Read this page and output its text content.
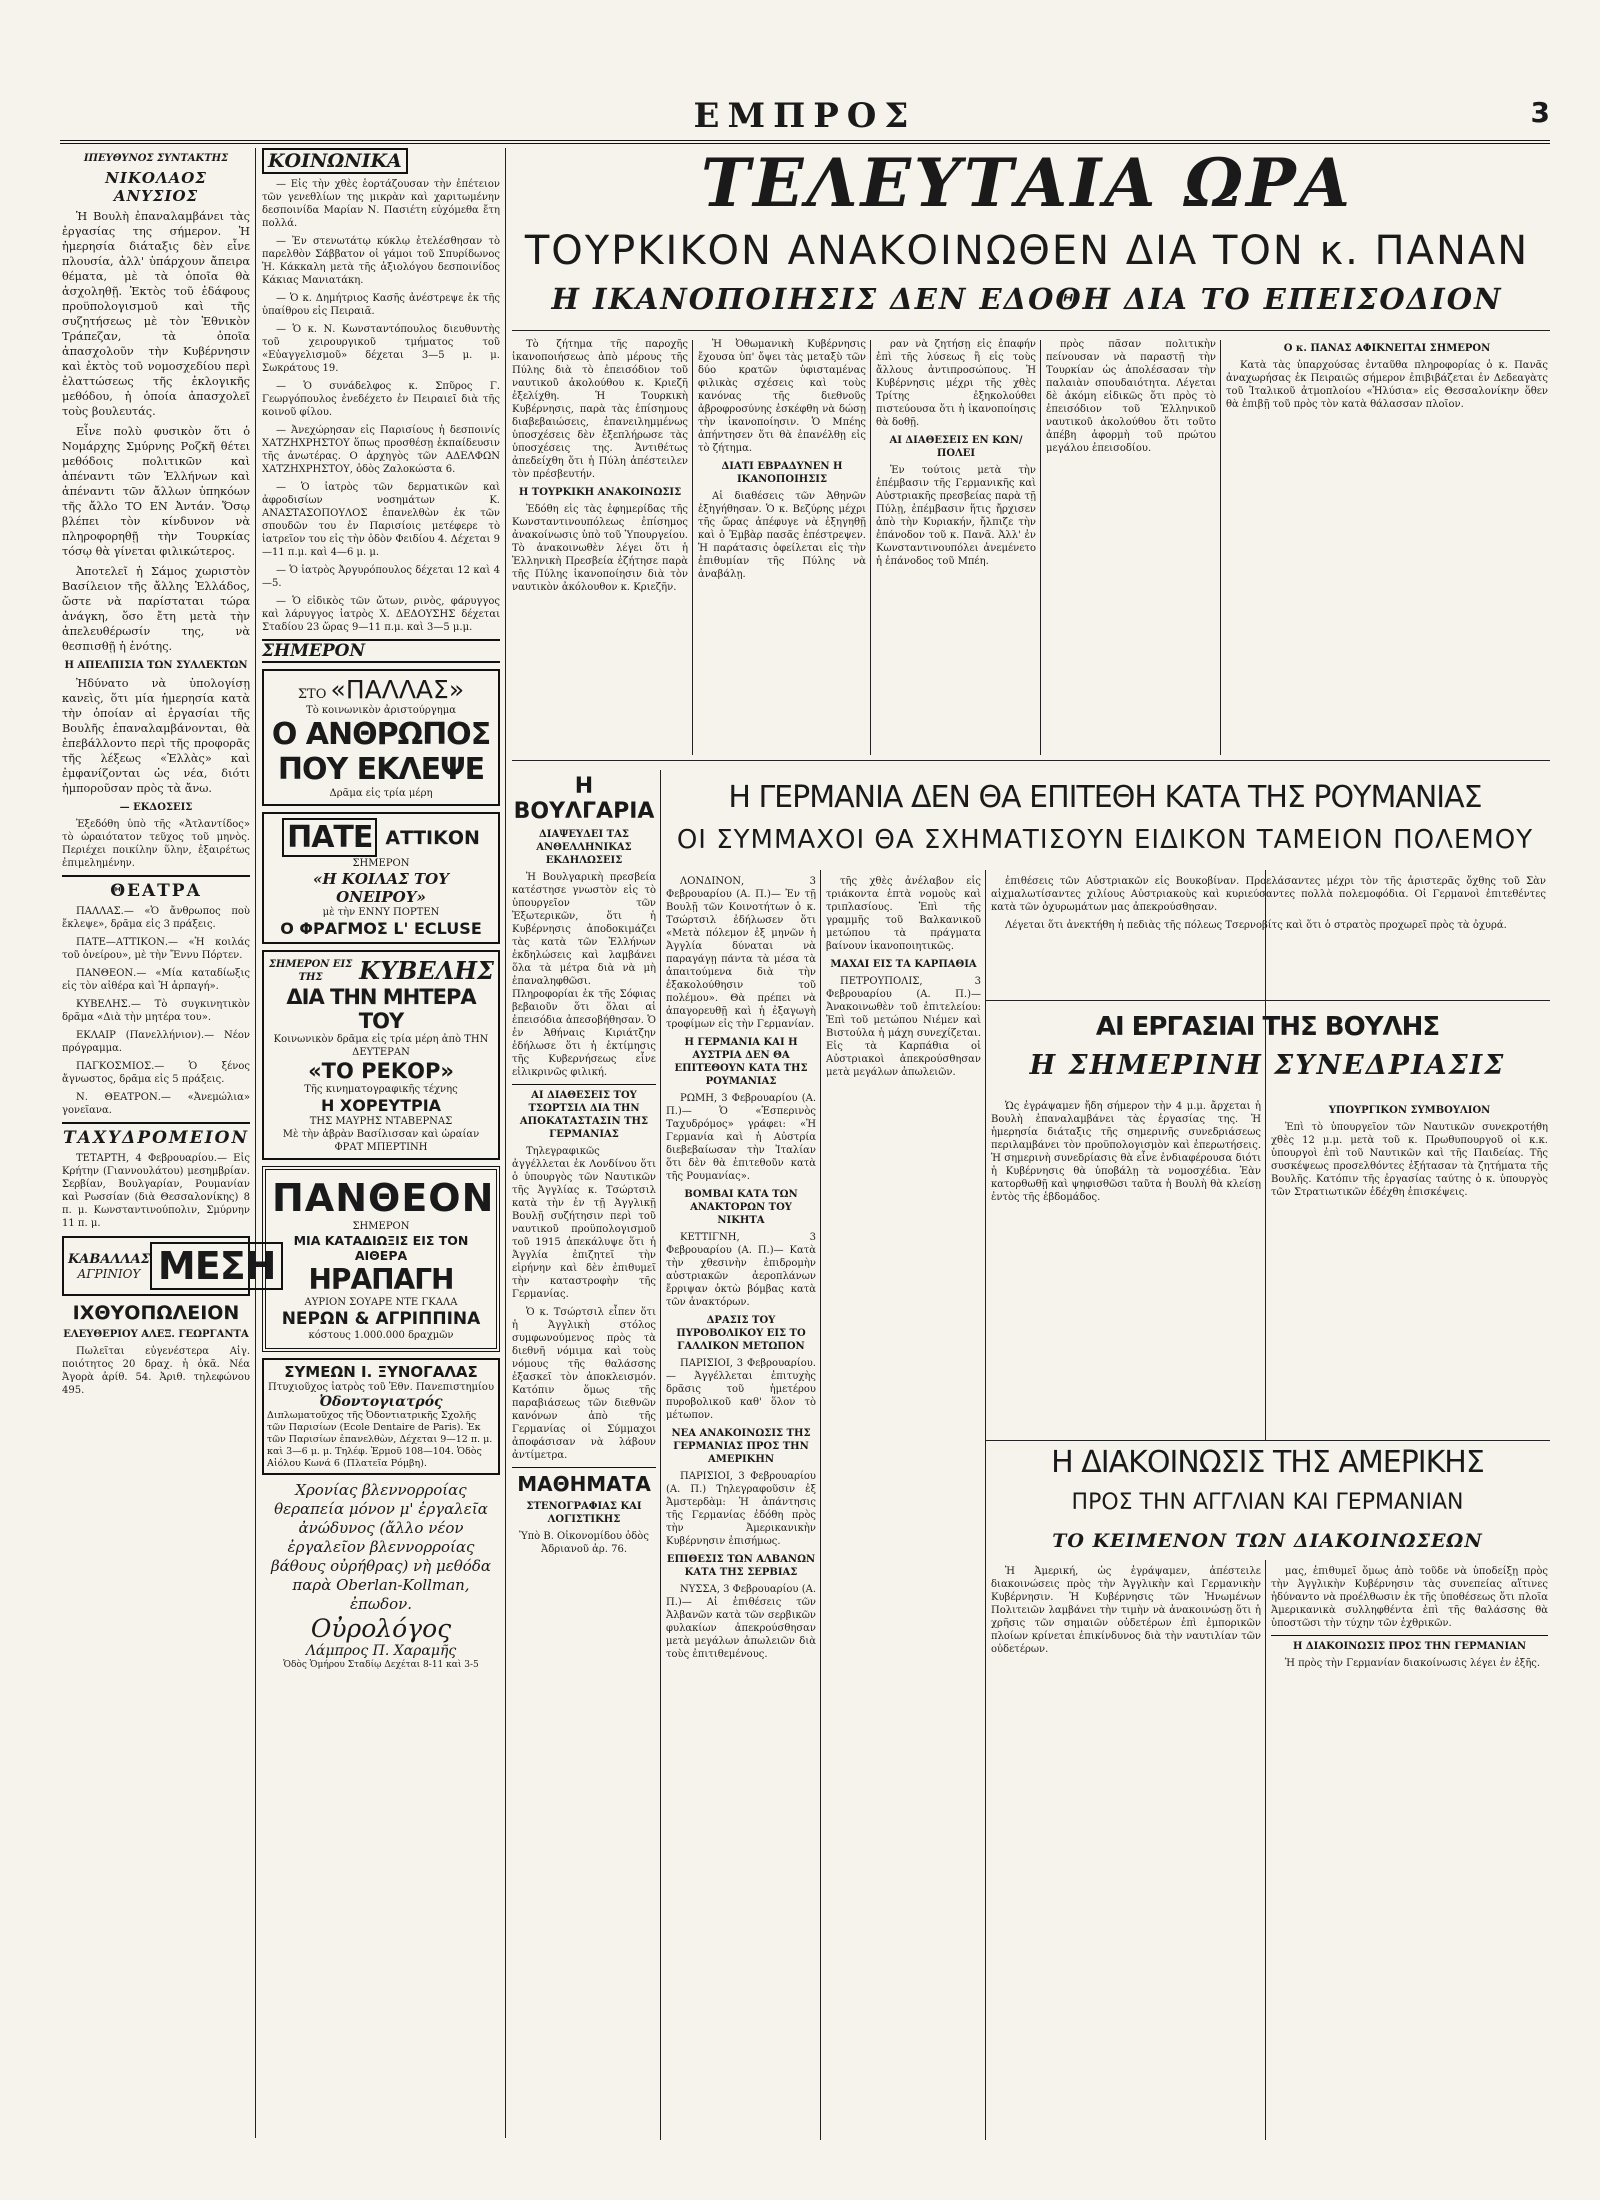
ΕΜΠΡΟΣ	3
ΙΠΕΥΘΥΝΟΣ ΣΥΝΤΑΚΤΗΣ
ΝΙΚΟΛΑΟΣ ΑΝΥΣΙΟΣ

Ἡ Βουλὴ ἐπαναλαμβάνει τὰς ἐργασίας της σήμερον. Ἡ ἡμερησία διάταξις δὲν εἶνε πλουσία, ἀλλ' ὑπάρχουν ἄπειρα θέματα, μὲ τὰ ὁποῖα θὰ ἀσχοληθῇ. Ἐκτὸς τοῦ ἐδάφους προϋπολογισμοῦ καὶ τῆς συζητήσεως μὲ τὸν Ἐθνικὸν Τράπεζαν, τὰ ὁποῖα ἀπασχολοῦν τὴν Κυβέρνησιν καὶ ἐκτὸς τοῦ νομοσχεδίου περὶ ἐλαττώσεως τῆς ἐκλογικῆς μεθόδου, ἡ ὁποία ἀπασχολεῖ τοὺς βουλευτάς.

Εἶνε πολὺ φυσικὸν ὅτι ὁ Νομάρχης Σμύρνης Ροζκῆ θέτει μεθόδοις πολιτικῶν καὶ ἀπέναντι τῶν Ἑλλήνων καὶ ἀπέναντι τῶν ἄλλων ὑπηκόων τῆς ἄλλο ΤΟ ΕΝ Ἀντάν. Ὅσῳ βλέπει τὸν κίνδυνον νὰ πληροφορηθῇ τὴν Τουρκίας τόσῳ θὰ γίνεται φιλικώτερος.

Ἀποτελεῖ ἡ Σάμος χωριστὸν Βασίλειον τῆς ἄλλης Ἑλλάδος, ὥστε νὰ παρίσταται τώρα ἀνάγκη, ὅσο ἔτη μετὰ τὴν ἀπελευθέρωσίν της, νὰ θεσπισθῇ ἡ ἑνότης.

Η ΑΠΕΛΠΙΣΙΑ ΤΩΝ ΣΥΛΛΕΚΤΩΝ

Ἠδύνατο νὰ ὑπολογίσῃ κανεὶς, ὅτι μία ἡμερησία κατὰ τὴν ὁποίαν αἱ ἐργασίαι τῆς Βουλῆς ἐπαναλαμβάνονται, θὰ ἐπεβάλλοντο περὶ τῆς προφορᾶς τῆς λέξεως «Ἑλλὰς» καὶ ἐμφανίζονται ὡς νέα, διότι ἠμποροῦσαν πρὸς τὰ ἄνω.

— ΕΚΔΟΣΕΙΣ

Ἐξεδόθη ὑπὸ τῆς «Ἀτλαντίδος» τὸ ὡραιότατον τεῦχος τοῦ μηνὸς. Περιέχει ποικίλην ὕλην, ἐξαιρέτως ἐπιμελημένην.

ΘΕΑΤΡΑ

ΠΑΛΛΑΣ.— «Ὁ ἄνθρωπος ποὺ ἔκλεψε», δρᾶμα εἰς 3 πράξεις.

ΠΑΤΕ—ΑΤΤΙΚΟΝ.— «Ἡ κοιλάς τοῦ ὀνείρου», μὲ τὴν Ἔννυ Πόρτεν.

ΠΑΝΘΕΟΝ.— «Μία καταδίωξις εἰς τὸν αἰθέρα καὶ Ἡ ἁρπαγή».

ΚΥΒΕΛΗΣ.— Τὸ συγκινητικὸν δρᾶμα «Διὰ τὴν μητέρα του».

ΕΚΛΑΙΡ (Πανελλήνιον).— Νέον πρόγραμμα.

ΠΑΓΚΟΣΜΙΟΣ.— Ὁ ξένος ἄγνωστος, δρᾶμα εἰς 5 πράξεις.

Ν. ΘΕΑΤΡΟΝ.— «Ἀνεμώλια» γονεῖανα.

ΤΑΧΥΔΡΟΜΕΙΟΝ

ΤΕΤΑΡΤΗ, 4 Φεβρουαρίου.— Εἰς Κρήτην (Γιαννουλάτου) μεσημβρίαν. Σερβίαν, Βουλγαρίαν, Ρουμανίαν καὶ Ρωσσίαν (διὰ Θεσσαλονίκης) 8 π. μ. Κωνσταντινούπολιν, Σμύρνην 11 π. μ.

ΚΑΒΑΛΛΑΣ
ΑΓΡΙΝΙΟΥ ΜΕΣΗ
ΙΧΘΥΟΠΩΛΕΙΟΝ
ΕΛΕΥΘΕΡΙΟΥ ΑΛΕΞ. ΓΕΩΡΓΑΝΤΑ

Πωλεῖται εὐγενέστερα Αἰγ. ποιότητος 20 δραχ. ἡ ὀκᾶ. Νέα Ἀγορὰ ἀρίθ. 54. Ἀριθ. τηλεφώνου 495.

ΚΟΙΝΩΝΙΚΑ

— Εἰς τὴν χθὲς ἑορτάζουσαν τὴν ἐπέτειον τῶν γενεθλίων της μικρὰν καὶ χαριτωμένην δεσποινίδα Μαρίαν Ν. Πασιέτη εὐχόμεθα ἔτη πολλά.

— Ἐν στενωτάτῳ κύκλῳ ἐτελέσθησαν τὸ παρελθὸν Σάββατον οἱ γάμοι τοῦ Σπυρίδωνος Ἡ. Κάκκαλη μετὰ τῆς ἀξιολόγου δεσποινίδος Κάκιας Μανιατάκη.

— Ὁ κ. Δημήτριος Κασῆς ἀνέστρεψε ἐκ τῆς ὑπαίθρου εἰς Πειραιᾶ.

— Ὁ κ. Ν. Κωνσταντόπουλος διευθυντὴς τοῦ χειρουργικοῦ τμήματος τοῦ «Εὐαγγελισμοῦ» δέχεται 3—5 μ. μ. Σωκράτους 19.

— Ὁ συνάδελφος κ. Σπῦρος Γ. Γεωργόπουλος ἐνεδέχετο ἐν Πειραιεῖ διὰ τῆς κοινοῦ φίλου.

— Ἀνεχώρησαν εἰς Παρισίους ἡ δεσποινίς ΧΑΤΖΗΧΡΗΣΤΟΥ ὅπως προσθέσῃ ἐκπαίδευσιν τῆς ἀνωτέρας. Ο ἀρχηγὸς τῶν ΑΔΕΛΦΩΝ ΧΑΤΖΗΧΡΗΣΤΟΥ, ὁδὸς Ζαλοκώστα 6.

— Ὁ ἰατρὸς τῶν δερματικῶν καὶ ἀφροδισίων νοσημάτων Κ. ΑΝΑΣΤΑΣΟΠΟΥΛΟΣ ἐπανελθὼν ἐκ τῶν σπουδῶν του ἐν Παρισίοις μετέφερε τὸ ἰατρεῖον του εἰς τὴν ὁδὸν Φειδίου 4. Δέχεται 9—11 π.μ. καὶ 4—6 μ. μ.

— Ὁ ἰατρὸς Ἀργυρόπουλος δέχεται 12 καὶ 4—5.

— Ὁ εἰδικὸς τῶν ὤτων, ρινὸς, φάρυγγος καὶ λάρυγγος ἰατρὸς Χ. ΔΕΔΟΥΣΗΣ δέχεται Σταδίου 23 ὥρας 9—11 π.μ. καὶ 3—5 μ.μ.

ΣΗΜΕΡΟΝ
ΣΤΟ «ΠΑΛΛΑΣ»
Τὸ κοινωνικὸν ἀριστούργημα
Ο ΑΝΘΡΩΠΟΣ
ΠΟΥ ΕΚΛΕΨΕ
Δρᾶμα εἰς τρία μέρη
ΠΑΤΕ ΑΤΤΙΚΟΝ
ΣΗΜΕΡΟΝ
«Η ΚΟΙΛΑΣ ΤΟΥ ΟΝΕΙΡΟΥ»
μὲ τὴν ΕΝΝΥ ΠΟΡΤΕΝ
Ο ΦΡΑΓΜΟΣ L' ECLUSE
ΣΗΜΕΡΟΝ ΕΙΣ ΤΗΣ	ΚΥΒΕΛΗΣ
ΔΙΑ ΤΗΝ ΜΗΤΕΡΑ ΤΟΥ
Κοινωνικὸν δρᾶμα εἰς τρία μέρη ἀπὸ ΤΗΝ ΔΕΥΤΕΡΑΝ
«ΤΟ ΡΕΚΟΡ»
Τῆς κινηματογραφικῆς τέχνης
Η ΧΟΡΕΥΤΡΙΑ
ΤΗΣ ΜΑΥΡΗΣ ΝΤΑΒΕΡΝΑΣ
Μὲ τὴν ἀβρὰν Βασίλισσαν καὶ ὡραίαν ΦΡΑΤ ΜΠΕΡΤΙΝΗ
ΠΑΝΘΕΟΝ
ΣΗΜΕΡΟΝ
ΜΙΑ ΚΑΤΑΔΙΩΞΙΣ ΕΙΣ ΤΟΝ ΑΙΘΕΡΑ
ΗΡΑΠΑΓΗ
ΑΥΡΙΟΝ ΣΟΥΑΡΕ ΝΤΕ ΓΚΑΛΑ
ΝΕΡΩΝ & ΑΓΡΙΠΠΙΝΑ
κόστους 1.000.000 δραχμῶν
ΣΥΜΕΩΝ Ι. ΞΥΝΟΓΑΛΑΣ
Πτυχιοῦχος ἰατρὸς τοῦ Ἐθν. Πανεπιστημίου
Ὀδοντογιατρός
Διπλωματοῦχος τῆς Ὀδοντιατρικῆς Σχολῆς τῶν Παρισίων (Ecole Dentaire de Paris). Ἐκ τῶν Παρισίων ἐπανελθὼν, Δέχεται 9—12 π. μ. καὶ 3—6 μ. μ. Τηλέφ. Ἑρμοῦ 108—104. Ὁδὸς Αἰόλου Κωνά 6 (Πλατεῖα Ρόμβη).
Χρονίας βλεννορροίας θεραπεία μόνον μ' ἐργαλεῖα ἀνώδυνος (ἄλλο νέον ἐργαλεῖον βλεννορροίας βάθους οὐρήθρας) νὴ μεθόδα παρὰ Oberlan-Kollman, ἐπωδον.
Οὐρολόγος
Λάμπρος Π. Χαραμῆς
Ὁδὸς Ὁμήρου Σταδίῳ Δεχέται 8-11 καὶ 3-5
ΤΕΛΕΥΤΑΙΑ ΩΡΑ
ΤΟΥΡΚΙΚΟΝ ΑΝΑΚΟΙΝΩΘΕΝ ΔΙΑ ΤΟΝ κ. ΠΑΝΑΝ
Η ΙΚΑΝΟΠΟΙΗΣΙΣ ΔΕΝ ΕΔΟΘΗ ΔΙΑ ΤΟ ΕΠΕΙΣΟΔΙΟΝ

Τὸ ζήτημα τῆς παροχῆς ἱκανοποιήσεως ἀπὸ μέρους τῆς Πύλης διὰ τὸ ἐπεισόδιον τοῦ ναυτικοῦ ἀκολούθου κ. Κριεζῆ ἐξελίχθη. Ἡ Τουρκικὴ Κυβέρνησις, παρὰ τὰς ἐπίσημους διαβεβαιώσεις, ἐπανειλημμένως ὑποσχέσεις δὲν ἐξεπλήρωσε τὰς ὑποσχέσεις της. Ἀντιθέτως ἀπεδείχθη ὅτι ἡ Πύλη ἀπέστειλεν τὸν πρέσβευτήν.

Η ΤΟΥΡΚΙΚΗ ΑΝΑΚΟΙΝΩΣΙΣ

Ἐδόθη εἰς τὰς ἐφημερίδας τῆς Κωνσταντινουπόλεως ἐπίσημος ἀνακοίνωσις ὑπὸ τοῦ Ὑπουργείου. Τὸ ἀνακοινωθὲν λέγει ὅτι ἡ Ἑλληνικὴ Πρεσβεία ἐζήτησε παρὰ τῆς Πύλης ἱκανοποίησιν διὰ τὸν ναυτικὸν ἀκόλουθον κ. Κριεζῆν.

Ἡ Ὀθωμανικὴ Κυβέρνησις ἔχουσα ὑπ' ὄψει τὰς μεταξὺ τῶν δύο κρατῶν ὑφισταμένας φιλικὰς σχέσεις καὶ τοὺς κανόνας τῆς διεθνοῦς ἀβροφροσύνης ἐσκέφθη νὰ δώσῃ τὴν ἱκανοποίησιν. Ὁ Μπέης ἀπήντησεν ὅτι θὰ ἐπανέλθῃ εἰς τὸ ζήτημα.

ΔΙΑΤΙ ΕΒΡΑΔΥΝΕΝ Η ΙΚΑΝΟΠΟΙΗΣΙΣ

Αἱ διαθέσεις τῶν Ἀθηνῶν ἐξηγήθησαν. Ὁ κ. Βεζύρης μέχρι τῆς ὥρας ἀπέφυγε νὰ ἐξηγηθῇ καὶ ὁ Ἐμβὰρ πασᾶς ἐπέστρεψεν. Ἡ παράτασις ὀφείλεται εἰς τὴν ἐπιθυμίαν τῆς Πύλης νὰ ἀναβάλῃ.

ραν νὰ ζητήσῃ εἰς ἐπαφήν ἐπὶ τῆς λύσεως ἢ εἰς τοὺς ἄλλους ἀντιπροσώπους. Ἡ Κυβέρνησις μέχρι τῆς χθὲς Τρίτης ἐξηκολούθει πιστεύουσα ὅτι ἡ ἱκανοποίησις θὰ δοθῇ.

ΑΙ ΔΙΑΘΕΣΕΙΣ ΕΝ ΚΩΝ/ΠΟΛΕΙ

Ἐν τούτοις μετὰ τὴν ἐπέμβασιν τῆς Γερμανικῆς καὶ Αὐστριακῆς πρεσβείας παρὰ τῇ Πύλῃ, ἐπέμβασιν ἥτις ἤρχισεν ἀπὸ τὴν Κυριακήν, ἤλπιζε τὴν ἐπάνοδον τοῦ κ. Πανᾶ. Ἀλλ' ἐν Κωνσταντινουπόλει ἀνεμένετο ἡ ἐπάνοδος τοῦ Μπέη.

πρὸς πᾶσαν πολιτικὴν πείνουσαν νὰ παραστῇ τὴν Τουρκίαν ὡς ἀπολέσασαν τὴν παλαιὰν σπουδαιότητα. Λέγεται δὲ ἀκόμη εἰδικῶς ὅτι πρὸς τὸ ἐπεισόδιον τοῦ Ἑλληνικοῦ ναυτικοῦ ἀκολούθου ὅτι τοῦτο ἀπέβη ἀφορμὴ τοῦ πρώτου μεγάλου ἐπεισοδίου.

Ο κ. ΠΑΝΑΣ ΑΦΙΚΝΕΙΤΑΙ ΣΗΜΕΡΟΝ

Κατὰ τὰς ὑπαρχούσας ἐνταῦθα πληροφορίας ὁ κ. Πανᾶς ἀναχωρήσας ἐκ Πειραιῶς σήμερον ἐπιβιβάζεται ἐν Δεδεαγὰτς τοῦ Ἰταλικοῦ ἀτμοπλοίου «Ἠλύσια» εἰς Θεσσαλονίκην ὅθεν θὰ ἐπιβῇ τοῦ πρὸς τὸν κατὰ θάλασσαν πλοῖον.

Η ΒΟΥΛΓΑΡΙΑ
ΔΙΑΨΕΥΔΕΙ ΤΑΣ ΑΝΘΕΛΛΗΝΙΚΑΣ ΕΚΔΗΛΩΣΕΙΣ

Ἡ Βουλγαρικὴ πρεσβεία κατέστησε γνωστὸν εἰς τὸ ὑπουργεῖον τῶν Ἐξωτερικῶν, ὅτι ἡ Κυβέρνησις ἀποδοκιμάζει τὰς κατὰ τῶν Ἑλλήνων ἐκδηλώσεις καὶ λαμβάνει ὅλα τὰ μέτρα διὰ νὰ μὴ ἐπαναληφθῶσι. Πληροφορίαι ἐκ τῆς Σόφιας βεβαιοῦν ὅτι ὅλαι αἱ ἐπεισόδια ἀπεσοβήθησαν. Ὁ ἐν Ἀθήναις Κιριάτζην ἐδήλωσε ὅτι ἡ ἐκτίμησις τῆς Κυβερνήσεως εἶνε εἰλικρινῶς φιλική.

ΑΙ ΔΙΑΘΕΣΕΙΣ ΤΟΥ ΤΣΩΡΤΣΙΛ ΔΙΑ ΤΗΝ ΑΠΟΚΑΤΑΣΤΑΣΙΝ ΤΗΣ ΓΕΡΜΑΝΙΑΣ

Τηλεγραφικῶς ἀγγέλλεται ἐκ Λονδίνου ὅτι ὁ ὑπουργὸς τῶν Ναυτικῶν τῆς Ἀγγλίας κ. Τσώρτσιλ κατὰ τὴν ἐν τῇ Ἀγγλικῇ Βουλῇ συζήτησιν περὶ τοῦ ναυτικοῦ προϋπολογισμοῦ τοῦ 1915 ἀπεκάλυψε ὅτι ἡ Ἀγγλία ἐπιζητεῖ τὴν εἰρήνην καὶ δὲν ἐπιθυμεῖ τὴν καταστροφὴν τῆς Γερμανίας.

Ὁ κ. Τσώρτσιλ εἶπεν ὅτι ἡ Ἀγγλικὴ στόλος συμφωνούμενος πρὸς τὰ διεθνῆ νόμιμα καὶ τοὺς νόμους τῆς θαλάσσης ἐξασκεῖ τὸν ἀποκλεισμόν. Κατόπιν ὅμως τῆς παραβιάσεως τῶν διεθνῶν κανόνων ἀπὸ τῆς Γερμανίας οἱ Σύμμαχοι ἀποφάσισαν νὰ λάβουν ἀντίμετρα.

ΜΑΘΗΜΑΤΑ
ΣΤΕΝΟΓΡΑΦΙΑΣ ΚΑΙ ΛΟΓΙΣΤΙΚΗΣ
Ὑπὸ Β. Οἰκονομίδου ὁδὸς Ἀδριανοῦ ἀρ. 76.
Η ΓΕΡΜΑΝΙΑ ΔΕΝ ΘΑ ΕΠΙΤΕΘΗ ΚΑΤΑ ΤΗΣ ΡΟΥΜΑΝΙΑΣ
ΟΙ ΣΥΜΜΑΧΟΙ ΘΑ ΣΧΗΜΑΤΙΣΟΥΝ ΕΙΔΙΚΟΝ ΤΑΜΕΙΟΝ ΠΟΛΕΜΟΥ

ΛΟΝΔΙΝΟΝ, 3 Φεβρουαρίου (Α. Π.)— Ἐν τῇ Βουλῇ τῶν Κοινοτήτων ὁ κ. Τσώρτσιλ ἐδήλωσεν ὅτι «Μετὰ πόλεμον ἐξ μηνῶν ἡ Ἀγγλία δύναται νὰ παραγάγῃ πάντα τὰ μέσα τὰ ἀπαιτούμενα διὰ τὴν ἐξακολούθησιν τοῦ πολέμου». Θὰ πρέπει νὰ ἀπαγορευθῇ καὶ ἡ ἐξαγωγὴ τροφίμων εἰς τὴν Γερμανίαν.

Η ΓΕΡΜΑΝΙΑ ΚΑΙ Η ΑΥΣΤΡΙΑ ΔΕΝ ΘΑ ΕΠΙΤΕΘΟΥΝ ΚΑΤΑ ΤΗΣ ΡΟΥΜΑΝΙΑΣ

ΡΩΜΗ, 3 Φεβρουαρίου (Α. Π.)— Ὁ «Ἑσπερινὸς Ταχυδρόμος» γράφει: «Ἡ Γερμανία καὶ ἡ Αὐστρία διεβεβαίωσαν τὴν Ἰταλίαν ὅτι δὲν θὰ ἐπιτεθοῦν κατὰ τῆς Ρουμανίας».

ΒΟΜΒΑΙ ΚΑΤΑ ΤΩΝ ΑΝΑΚΤΟΡΩΝ ΤΟΥ ΝΙΚΗΤΑ

ΚΕΤΤΙΓΝΗ, 3 Φεβρουαρίου (Α. Π.)— Κατὰ τὴν χθεσινὴν ἐπιδρομὴν αὐστριακῶν ἀεροπλάνων ἔρριψαν ὀκτὼ βόμβας κατὰ τῶν ἀνακτόρων.

ΔΡΑΣΙΣ ΤΟΥ ΠΥΡΟΒΟΛΙΚΟΥ ΕΙΣ ΤΟ ΓΑΛΛΙΚΟΝ ΜΕΤΩΠΟΝ

ΠΑΡΙΣΙΟΙ, 3 Φεβρουαρίου.— Ἀγγέλλεται ἐπιτυχὴς δρᾶσις τοῦ ἡμετέρου πυροβολικοῦ καθ' ὅλον τὸ μέτωπον.

ΝΕΑ ΑΝΑΚΟΙΝΩΣΙΣ ΤΗΣ ΓΕΡΜΑΝΙΑΣ ΠΡΟΣ ΤΗΝ ΑΜΕΡΙΚΗΝ

ΠΑΡΙΣΙΟΙ, 3 Φεβρουαρίου (Α. Π.) Τηλεγραφοῦσιν ἐξ Ἀμστερδὰμ: Ἡ ἀπάντησις τῆς Γερμανίας ἐδόθη πρὸς τὴν Ἀμερικανικὴν Κυβέρνησιν ἐπισήμως.

ΕΠΙΘΕΣΙΣ ΤΩΝ ΑΛΒΑΝΩΝ ΚΑΤΑ ΤΗΣ ΣΕΡΒΙΑΣ

ΝΥΣΣΑ, 3 Φεβρουαρίου (Α. Π.)— Αἱ ἐπιθέσεις τῶν Ἀλβανῶν κατὰ τῶν σερβικῶν φυλακίων ἀπεκρούσθησαν μετὰ μεγάλων ἀπωλειῶν διὰ τοὺς ἐπιτιθεμένους.

τῆς χθὲς ἀνέλαβον εἰς τριάκοντα ἑπτὰ νομοὺς καὶ τριπλασίους. Ἐπὶ τῆς γραμμῆς τοῦ Βαλκανικοῦ μετώπου τὰ πράγματα βαίνουν ἱκανοποιητικῶς.

ΜΑΧΑΙ ΕΙΣ ΤΑ ΚΑΡΠΑΘΙΑ

ΠΕΤΡΟΥΠΟΛΙΣ, 3 Φεβρουαρίου (Α. Π.)— Ἀνακοινωθὲν τοῦ ἐπιτελείου: Ἐπὶ τοῦ μετώπου Νιέμεν καὶ Βιστούλα ἡ μάχη συνεχίζεται. Εἰς τὰ Καρπάθια οἱ Αὐστριακοὶ ἀπεκρούσθησαν μετὰ μεγάλων ἀπωλειῶν.

ἐπιθέσεις τῶν Αὐστριακῶν εἰς Βουκοβίναν. Προελάσαντες μέχρι τὸν τῆς ἀριστερᾶς ὄχθης τοῦ Σὰν αἰχμαλωτίσαντες χιλίους Αὐστριακοὺς καὶ κυριεύσαντες πολλὰ πολεμοφόδια. Οἱ Γερμανοὶ ἐπιτεθέντες κατὰ τῶν ὀχυρωμάτων μας ἀπεκρούσθησαν.

Λέγεται ὅτι ἀνεκτήθη ἡ πεδιὰς τῆς πόλεως Τσερνοβίτς καὶ ὅτι ὁ στρατὸς προχωρεῖ πρὸς τὰ ὀχυρά.

ΑΙ ΕΡΓΑΣΙΑΙ ΤΗΣ ΒΟΥΛΗΣ
Η ΣΗΜΕΡΙΝΗ ΣΥΝΕΔΡΙΑΣΙΣ

Ὡς ἐγράψαμεν ἤδη σήμερον τὴν 4 μ.μ. ἄρχεται ἡ Βουλὴ ἐπαναλαμβάνει τὰς ἐργασίας της. Ἡ ἡμερησία διάταξις τῆς σημερινῆς συνεδριάσεως περιλαμβάνει τὸν προϋπολογισμὸν καὶ ἐπερωτήσεις. Ἡ σημερινὴ συνεδρίασις θὰ εἶνε ἐνδιαφέρουσα διότι ἡ Κυβέρνησις θὰ ὑποβάλῃ τὰ νομοσχέδια. Ἐὰν κατορθωθῇ καὶ ψηφισθῶσι ταῦτα ἡ Βουλὴ θὰ κλείσῃ ἐντὸς τῆς ἑβδομάδος.

ΥΠΟΥΡΓΙΚΟΝ ΣΥΜΒΟΥΛΙΟΝ

Ἐπὶ τὸ ὑπουργεῖον τῶν Ναυτικῶν συνεκροτήθη χθὲς 12 μ.μ. μετὰ τοῦ κ. Πρωθυπουργοῦ οἱ κ.κ. ὑπουργοὶ ἐπὶ τοῦ Ναυτικῶν καὶ τῆς Παιδείας. Τῆς συσκέψεως προσελθόντες ἐξήτασαν τὰ ζητήματα τῆς Βουλῆς. Κατόπιν τῆς ἐργασίας ταύτης ὁ κ. ὑπουργὸς τῶν Στρατιωτικῶν ἐδέχθη ἐπισκέψεις.

Η ΔΙΑΚΟΙΝΩΣΙΣ ΤΗΣ ΑΜΕΡΙΚΗΣ
ΠΡΟΣ ΤΗΝ ΑΓΓΛΙΑΝ ΚΑΙ ΓΕΡΜΑΝΙΑΝ
ΤΟ ΚΕΙΜΕΝΟΝ ΤΩΝ ΔΙΑΚΟΙΝΩΣΕΩΝ

Ἡ Ἀμερική, ὡς ἐγράψαμεν, ἀπέστειλε διακοινώσεις πρὸς τὴν Ἀγγλικὴν καὶ Γερμανικὴν Κυβέρνησιν. Ἡ Κυβέρνησις τῶν Ἡνωμένων Πολιτειῶν λαμβάνει τὴν τιμὴν νὰ ἀνακοινώσῃ ὅτι ἡ χρῆσις τῶν σημαιῶν οὐδετέρων ἐπὶ ἐμπορικῶν πλοίων κρίνεται ἐπικίνδυνος διὰ τὴν ναυτιλίαν τῶν οὐδετέρων.

μας, ἐπιθυμεῖ ὅμως ἀπὸ τοῦδε νὰ ὑποδείξῃ πρὸς τὴν Ἀγγλικὴν Κυβέρνησιν τὰς συνεπείας αἵτινες ἠδύναντο νὰ προέλθωσιν ἐκ τῆς ὑποθέσεως ὅτι πλοῖα Ἀμερικανικὰ συλληφθέντα ἐπὶ τῆς θαλάσσης θὰ ὑποστῶσι τὴν τύχην τῶν ἐχθρικῶν.

Η ΔΙΑΚΟΙΝΩΣΙΣ ΠΡΟΣ ΤΗΝ ΓΕΡΜΑΝΙΑΝ

Ἡ πρὸς τὴν Γερμανίαν διακοίνωσις λέγει ἐν ἐξῆς.
